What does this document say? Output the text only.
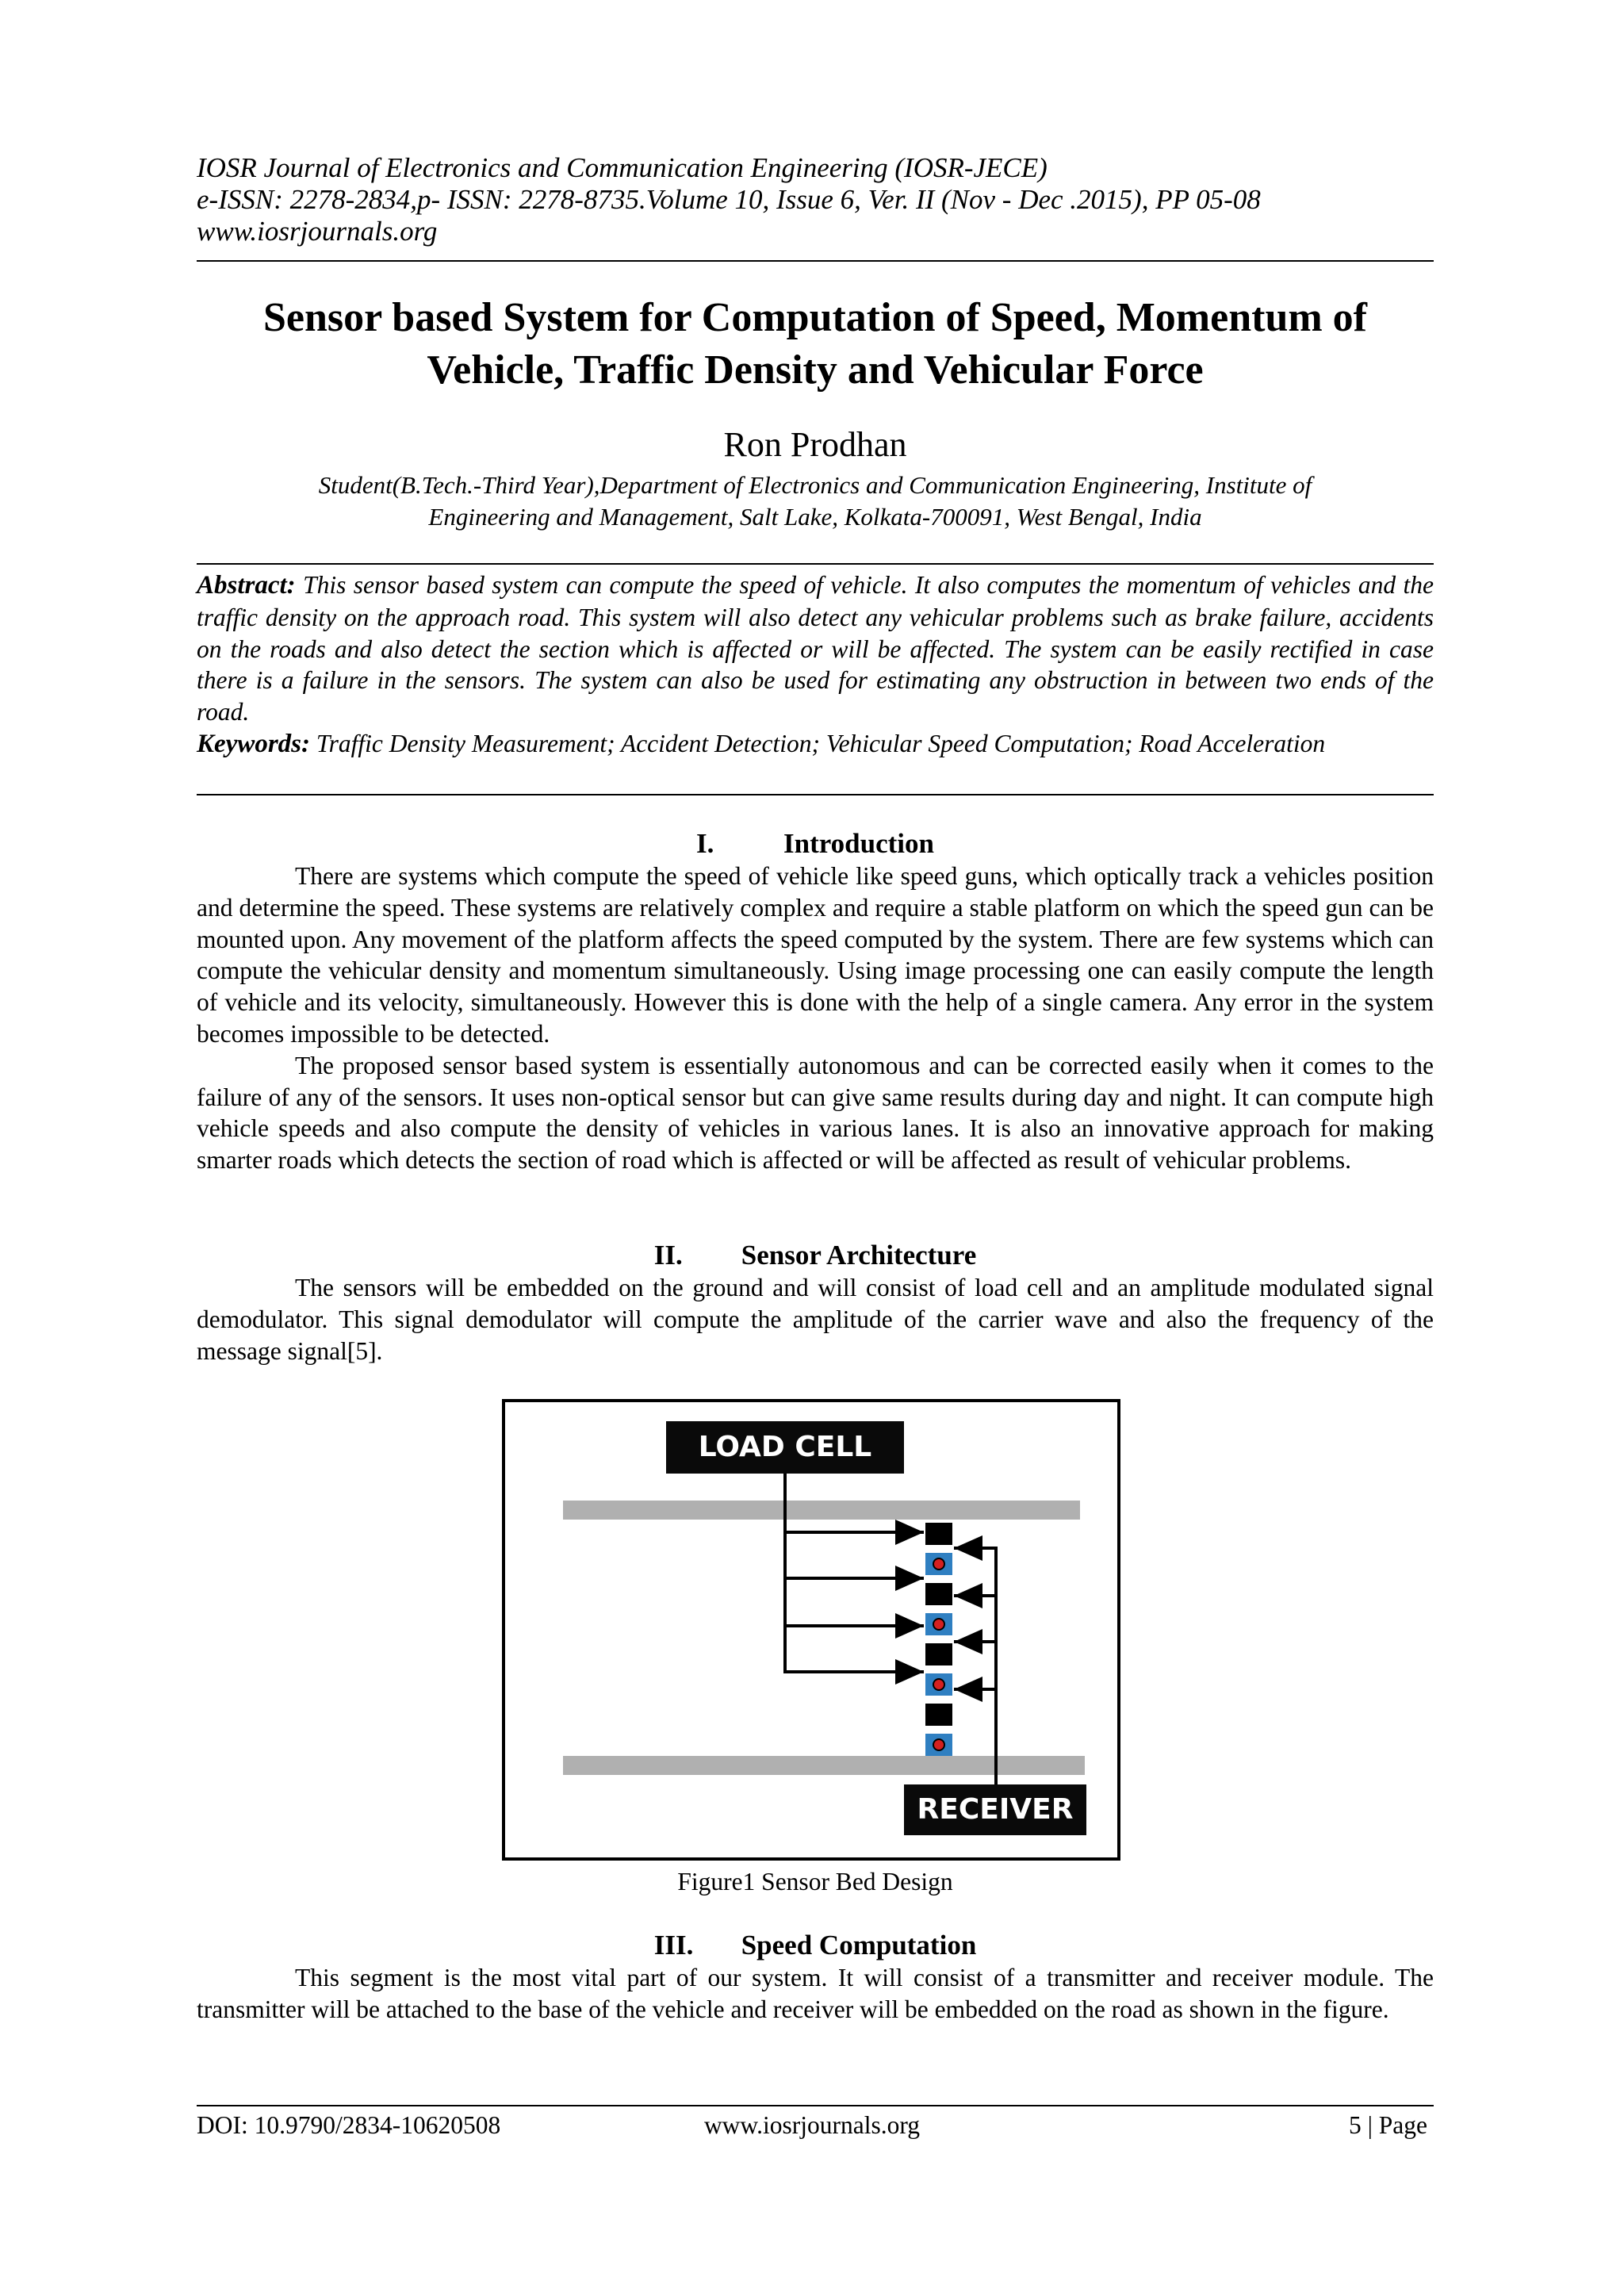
IOSR Journal of Electronics and Communication Engineering (IOSR-JECE)
e-ISSN: 2278-2834,p- ISSN: 2278-8735.Volume 10, Issue 6, Ver. II (Nov - Dec .2015), PP 05-08
www.iosrjournals.org
Sensor based System for Computation of Speed, Momentum of
Vehicle, Traffic Density and Vehicular Force
Ron Prodhan
Student(B.Tech.-Third Year),Department of Electronics and Communication Engineering, Institute of
Engineering and Management, Salt Lake, Kolkata-700091, West Bengal, India
Abstract: This sensor based system can compute the speed of vehicle. It also computes the momentum of vehicles and the traffic density on the approach road. This system will also detect any vehicular problems such as brake failure, accidents on the roads and also detect the section which is affected or will be affected. The system can be easily rectified in case there is a failure in the sensors. The system can also be used for estimating any obstruction in between two ends of the road.
Keywords: Traffic Density Measurement; Accident Detection; Vehicular Speed Computation; Road Acceleration
I.	Introduction

There are systems which compute the speed of vehicle like speed guns, which optically track a vehicles position and determine the speed. These systems are relatively complex and require a stable platform on which the speed gun can be mounted upon. Any movement of the platform affects the speed computed by the system. There are few systems which can compute the vehicular density and momentum simultaneously. Using image processing one can easily compute the length of vehicle and its velocity, simultaneously. However this is done with the help of a single camera. Any error in the system becomes impossible to be detected.

The proposed sensor based system is essentially autonomous and can be corrected easily when it comes to the failure of any of the sensors. It uses non-optical sensor but can give same results during day and night. It can compute high vehicle speeds and also compute the density of vehicles in various lanes. It is also an innovative approach for making smarter roads which detects the section of road which is affected or will be affected as result of vehicular problems.

II. Sensor Architecture

The sensors will be embedded on the ground and will consist of load cell and an amplitude modulated signal demodulator. This signal demodulator will compute the amplitude of the carrier wave and also the frequency of the message signal[5].

LOAD CELL
RECEIVER
Figure1 Sensor Bed Design
III. Speed Computation

This segment is the most vital part of our system. It will consist of a transmitter and receiver module. The transmitter will be attached to the base of the vehicle and receiver will be embedded on the road as shown in the figure.

DOI: 10.9790/2834-10620508	www.iosrjournals.org	5 | Page
